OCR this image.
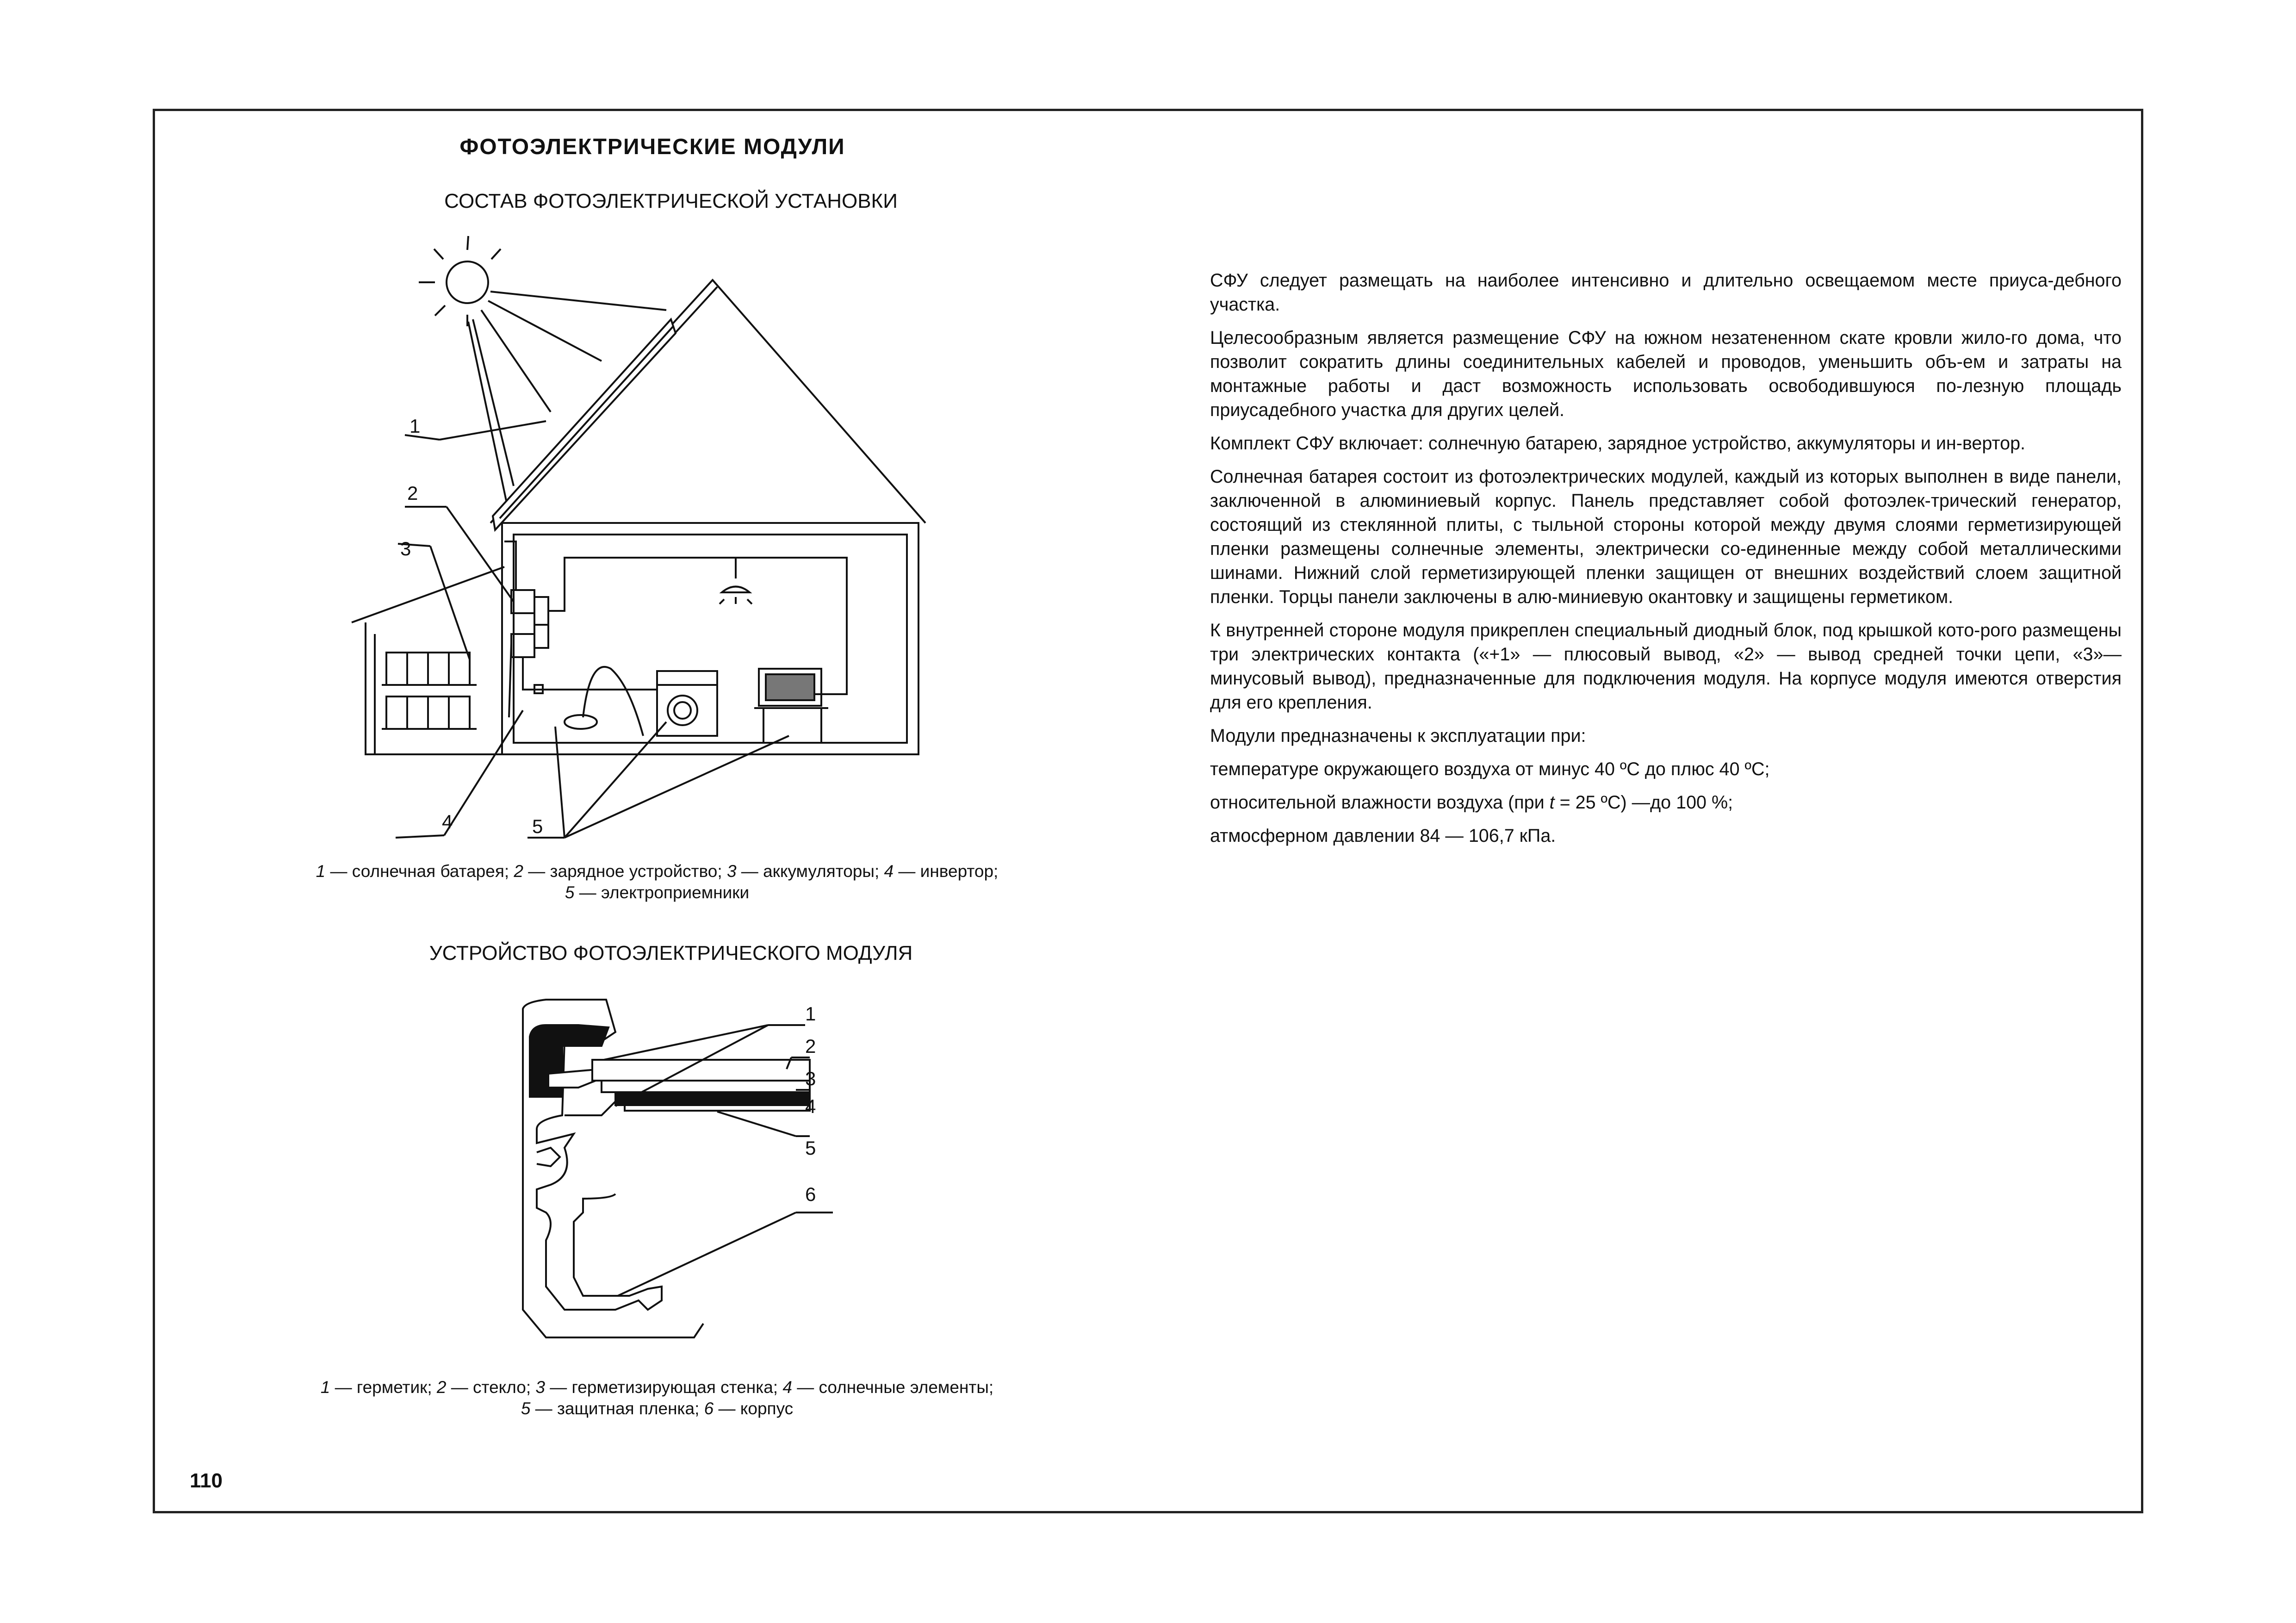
ФОТОЭЛЕКТРИЧЕСКИЕ МОДУЛИ
СОСТАВ ФОТОЭЛЕКТРИЧЕСКОЙ УСТАНОВКИ
1
2
3
4	5
1 — солнечная батарея; 2 — зарядное устройство; 3 — аккумуляторы; 4 — инвертор;
5 — электроприемники
УСТРОЙСТВО ФОТОЭЛЕКТРИЧЕСКОГО МОДУЛЯ
1
2
3
4
5
6
1 — герметик; 2 — стекло; 3 — герметизирующая стенка; 4 — солнечные элементы;
5 — защитная пленка; 6 — корпус

СФУ следует размещать на наиболее интенсивно и длительно освещаемом месте приуса-дебного участка.

Целесообразным является размещение СФУ на южном незатененном скате кровли жило-го дома, что позволит сократить длины соединительных кабелей и проводов, уменьшить объ-ем и затраты на монтажные работы и даст возможность использовать освободившуюся по-лезную площадь приусадебного участка для других целей.

Комплект СФУ включает: солнечную батарею, зарядное устройство, аккумуляторы и ин-вертор.

Солнечная батарея состоит из фотоэлектрических модулей, каждый из которых выполнен в виде панели, заключенной в алюминиевый корпус. Панель представляет собой фотоэлек-трический генератор, состоящий из стеклянной плиты, с тыльной стороны которой между двумя слоями герметизирующей пленки размещены солнечные элементы, электрически со-единенные между собой металлическими шинами. Нижний слой герметизирующей пленки защищен от внешних воздействий слоем защитной пленки. Торцы панели заключены в алю-миниевую окантовку и защищены герметиком.

К внутренней стороне модуля прикреплен специальный диодный блок, под крышкой кото-рого размещены три электрических контакта («+1» — плюсовый вывод, «2» — вывод средней точки цепи, «3»— минусовый вывод), предназначенные для подключения модуля. На корпусе модуля имеются отверстия для его крепления.

Модули предназначены к эксплуатации при:

температуре окружающего воздуха от минус 40 ºС до плюс 40 ºС;

относительной влажности воздуха (при t = 25 ºС) —до 100 %;

атмосферном давлении 84 — 106,7 кПа.

110
